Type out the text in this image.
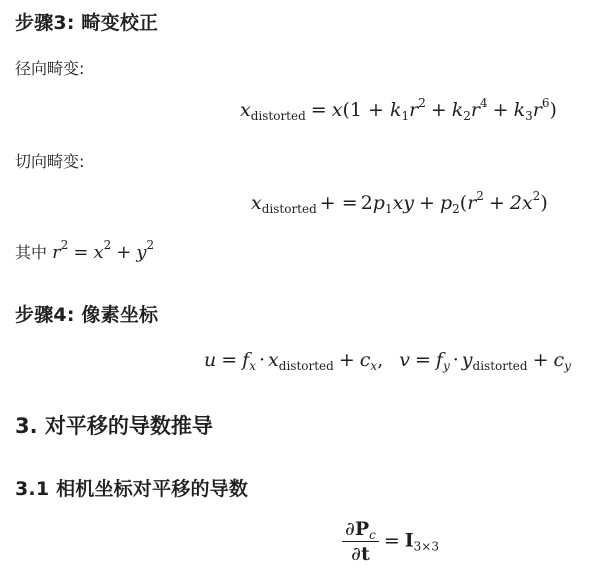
步骤3: 畸变校正
径向畸变:
$x_{distorted} = x(1 + k_1r^2 + k_2r^4 + k_3r^6)$
切向畸变:
$x_{distorted}$ + = $2p_1xy + p_2(r^2 + 2x^2)$
其中 $r^2 = x^2 + y^2$
步骤4: 像素坐标
$u = f_x \cdot x_{distorted} + c_x$, $v = f_y \cdot y_{distorted} + c_y$
3. 对平移的导数推导
3.1 相机坐标对平移的导数
$\frac{\partial P_c}{\partial t} = I_{3\times 3}$
